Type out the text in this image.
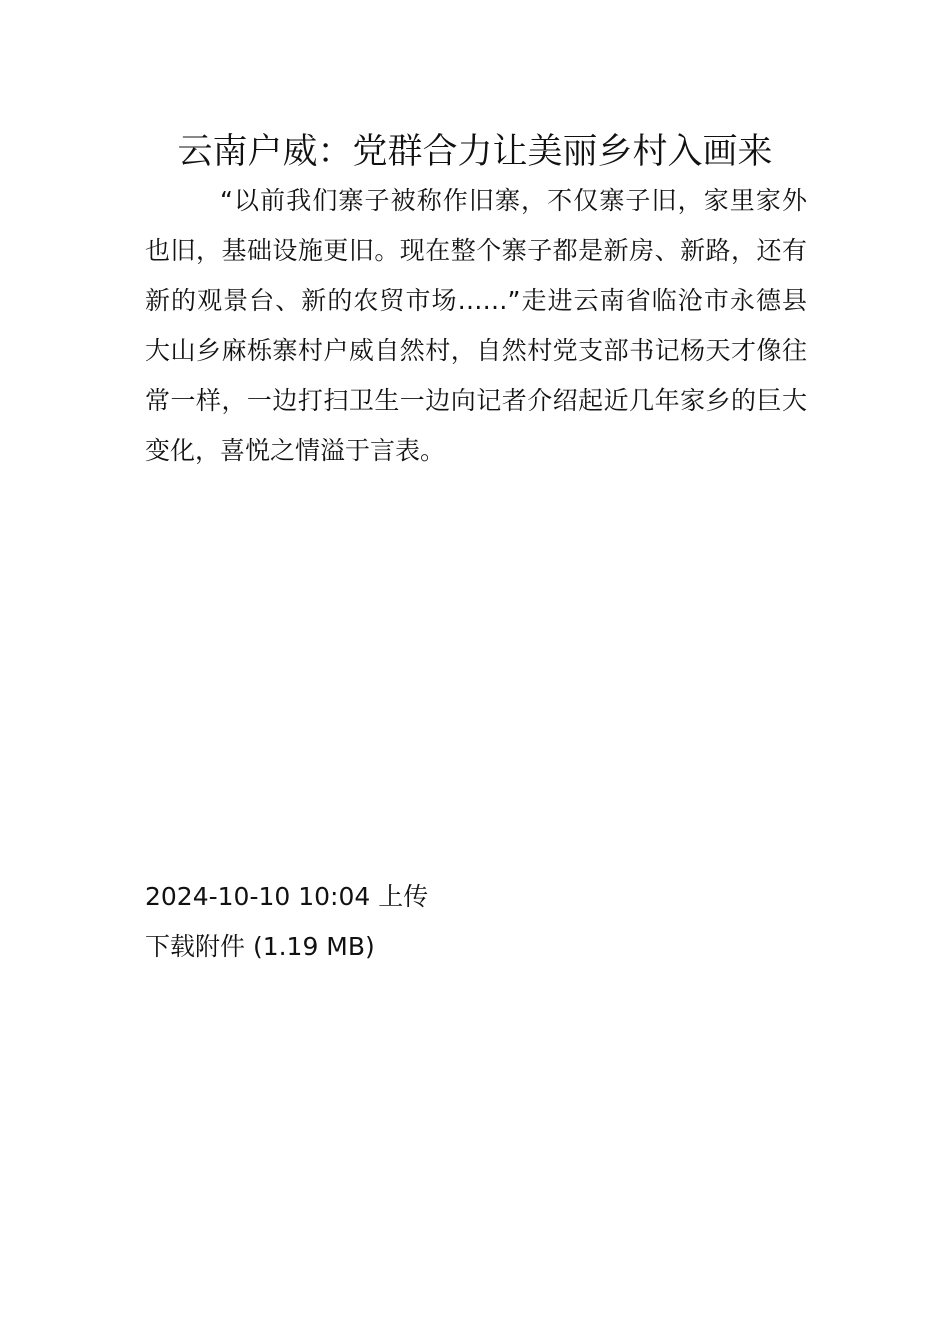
云南户威：党群合力让美丽乡村入画来

“以前我们寨子被称作旧寨，不仅寨子旧，家里家外也旧，基础设施更旧。现在整个寨子都是新房、新路，还有新的观景台、新的农贸市场……”走进云南省临沧市永德县大山乡麻栎寨村户威自然村，自然村党支部书记杨天才像往常一样，一边打扫卫生一边向记者介绍起近几年家乡的巨大变化，喜悦之情溢于言表。

2024-10-10 10:04 上传
下载附件 (1.19 MB)
